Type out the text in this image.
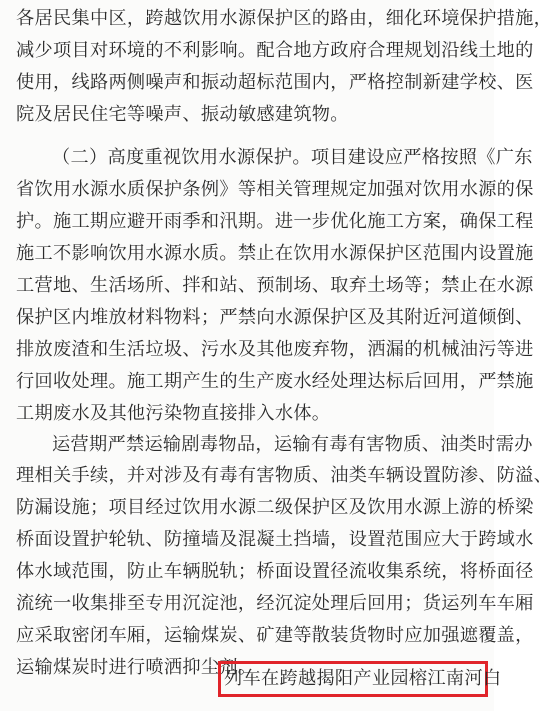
各居民集中区，跨越饮用水源保护区的路由，细化环境保护措施，
减少项目对环境的不利影响。配合地方政府合理规划沿线土地的
使用，线路两侧噪声和振动超标范围内，严格控制新建学校、医
院及居民住宅等噪声、振动敏感建筑物。
（二）高度重视饮用水源保护。项目建设应严格按照《广东
省饮用水源水质保护条例》等相关管理规定加强对饮用水源的保
护。施工期应避开雨季和汛期。进一步优化施工方案，确保工程
施工不影响饮用水源水质。禁止在饮用水源保护区范围内设置施
工营地、生活场所、拌和站、预制场、取弃土场等；禁止在水源
保护区内堆放材料物料；严禁向水源保护区及其附近河道倾倒、
排放废渣和生活垃圾、污水及其他废弃物，洒漏的机械油污等进
行回收处理。施工期产生的生产废水经处理达标后回用，严禁施
工期废水及其他污染物直接排入水体。
运营期严禁运输剧毒物品，运输有毒有害物质、油类时需办
理相关手续，并对涉及有毒有害物质、油类车辆设置防渗、防溢、
防漏设施；项目经过饮用水源二级保护区及饮用水源上游的桥梁
桥面设置护轮轨、防撞墙及混凝土挡墙，设置范围应大于跨域水
体水域范围，防止车辆脱轨；桥面设置径流收集系统，将桥面径
流统一收集排至专用沉淀池，经沉淀处理后回用；货运列车车厢
应采取密闭车厢，运输煤炭、矿建等散装货物时应加强遮覆盖，
运输煤炭时进行喷洒抑尘剂。
列车在跨越揭阳产业园榕江南河白
